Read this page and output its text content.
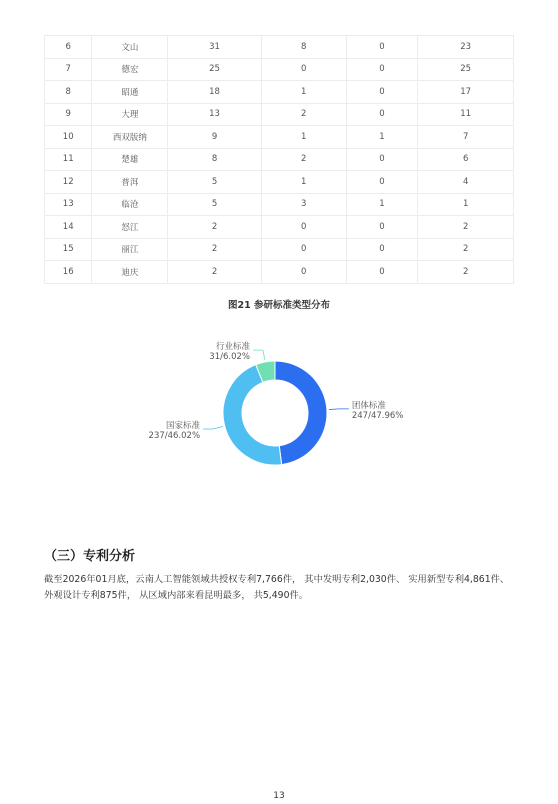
6	文山	31	8	0	23
7	德宏	25	0	0	25
8	昭通	18	1	0	17
9	大理	13	2	0	11
10	西双版纳	9	1	1	7
11	楚雄	8	2	0	6
12	普洱	5	1	0	4
13	临沧	5	3	1	1
14	怒江	2	0	0	2
15	丽江	2	0	0	2
16	迪庆	2	0	0	2
图21 参研标准类型分布
团体标准
247/47.96%
国家标准
237/46.02%
行业标准
31/6.02%
（三）专利分析
截至2026年01月底，云南人工智能领域共授权专利7,766件， 其中发明专利2,030件、 实用新型专利4,861件、 外观设计专利875件， 从区域内部来看昆明最多， 共5,490件。
13
